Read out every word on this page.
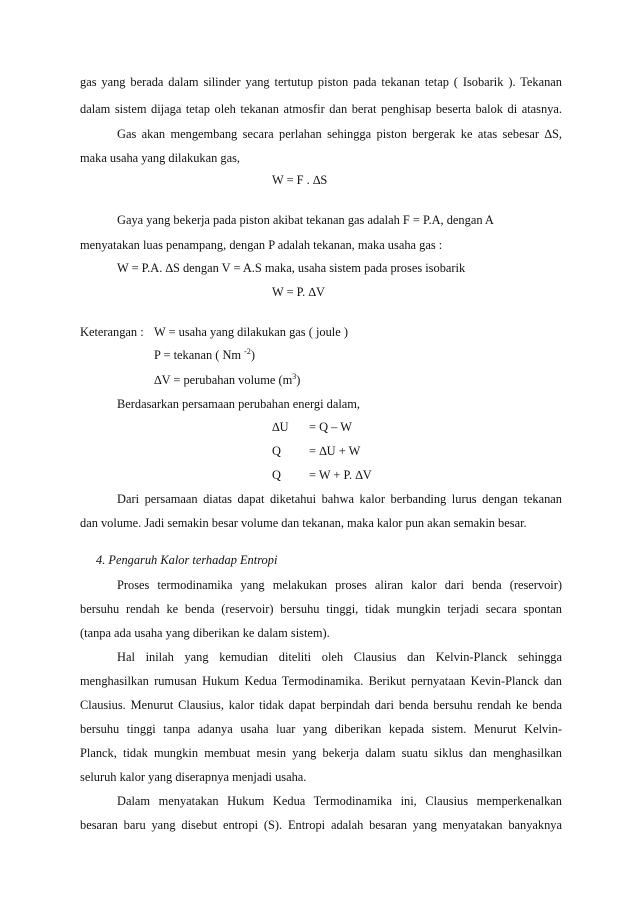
gas yang berada dalam silinder yang tertutup piston pada tekanan tetap ( Isobarik ). Tekanan
dalam sistem dijaga tetap oleh tekanan atmosfir dan berat penghisap beserta balok di atasnya.
Gas akan mengembang secara perlahan sehingga piston bergerak ke atas sebesar ∆S,
maka usaha yang dilakukan gas,
W = F . ∆S
Gaya yang bekerja pada piston akibat tekanan gas adalah F = P.A, dengan A
menyatakan luas penampang, dengan P adalah tekanan, maka usaha gas :
W = P.A. ∆S dengan V = A.S maka, usaha sistem pada proses isobarik
W = P. ∆V
Keterangan : W = usaha yang dilakukan gas ( joule )
P = tekanan ( Nm $^{-2}$)
∆V = perubahan volume $(m^3)$
Berdasarkan persamaan perubahan energi dalam,
∆U = Q – W
Q = ∆U + W
Q = W + P. ∆V
Dari persamaan diatas dapat diketahui bahwa kalor berbanding lurus dengan tekanan
dan volume. Jadi semakin besar volume dan tekanan, maka kalor pun akan semakin besar.
4. Pengaruh Kalor terhadap Entropi
Proses termodinamika yang melakukan proses aliran kalor dari benda (reservoir)
bersuhu rendah ke benda (reservoir) bersuhu tinggi, tidak mungkin terjadi secara spontan
(tanpa ada usaha yang diberikan ke dalam sistem).
Hal inilah yang kemudian diteliti oleh Clausius dan Kelvin-Planck sehingga
menghasilkan rumusan Hukum Kedua Termodinamika. Berikut pernyataan Kevin-Planck dan
Clausius. Menurut Clausius, kalor tidak dapat berpindah dari benda bersuhu rendah ke benda
bersuhu tinggi tanpa adanya usaha luar yang diberikan kepada sistem. Menurut Kelvin-
Planck, tidak mungkin membuat mesin yang bekerja dalam suatu siklus dan menghasilkan
seluruh kalor yang diserapnya menjadi usaha.
Dalam menyatakan Hukum Kedua Termodinamika ini, Clausius memperkenalkan
besaran baru yang disebut entropi (S). Entropi adalah besaran yang menyatakan banyaknya
